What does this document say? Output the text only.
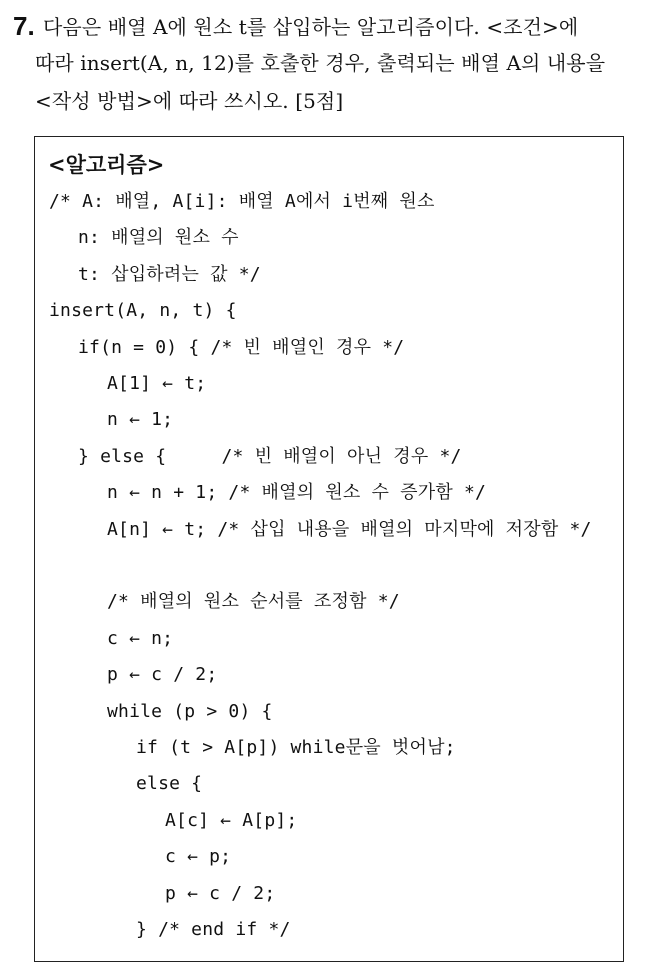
7. 다음은 배열 A에 원소 t를 삽입하는 알고리즘이다. <조건>에
따라 insert(A, n, 12)를 호출한 경우, 출력되는 배열 A의 내용을
<작성 방법>에 따라 쓰시오. [5점]
<알고리즘>
/* A: 배열, A[i]: 배열 A에서 i번째 원소
n: 배열의 원소 수
t: 삽입하려는 값 */
insert(A, n, t) {
if(n = 0) { /* 빈 배열인 경우 */
A[1] ← t;
n ← 1;
} else {     /* 빈 배열이 아닌 경우 */
n ← n + 1; /* 배열의 원소 수 증가함 */
A[n] ← t; /* 삽입 내용을 배열의 마지막에 저장함 */
/* 배열의 원소 순서를 조정함 */
c ← n;
p ← c / 2;
while (p > 0) {
if (t > A[p]) while문을 벗어남;
else {
A[c] ← A[p];
c ← p;
p ← c / 2;
} /* end if */
